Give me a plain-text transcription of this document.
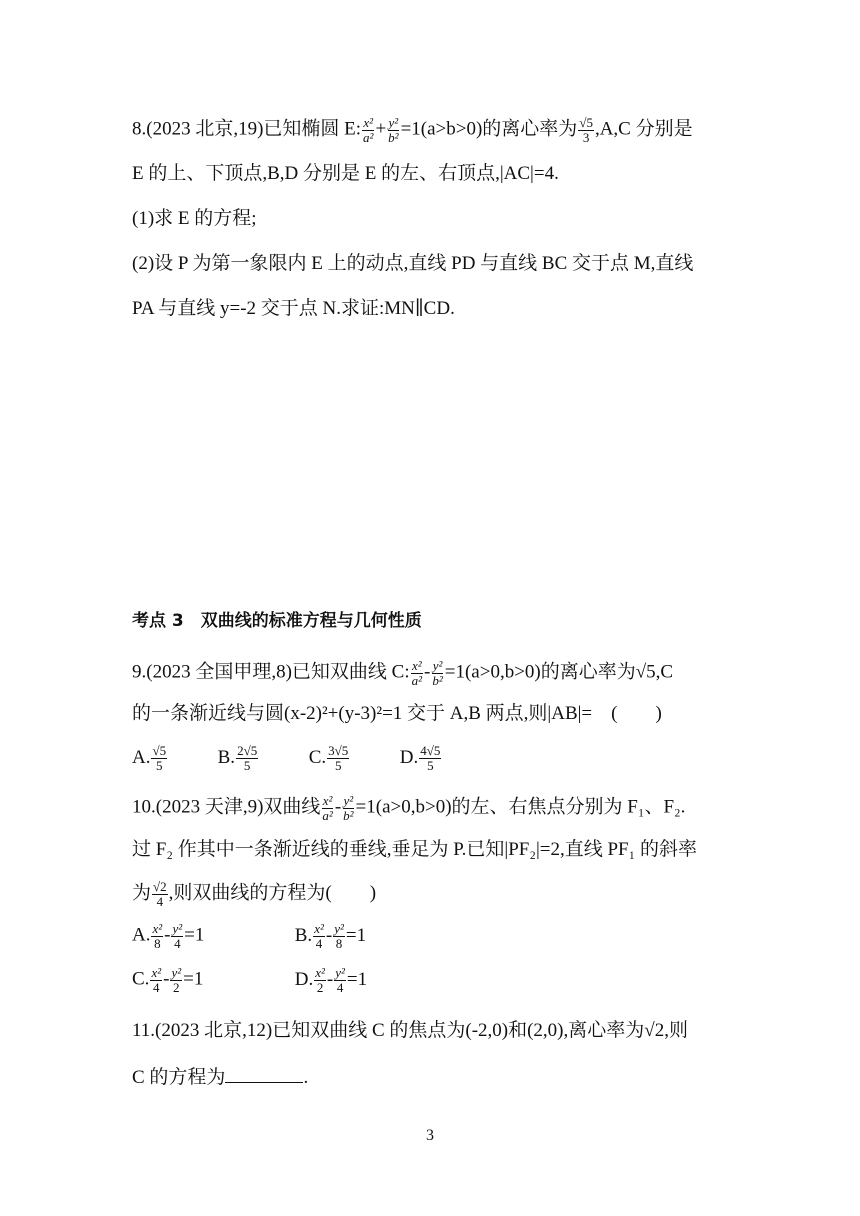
8.(2023 北京,19)已知椭圆 E: $\frac{\text{x²}}{\text{a²}} + \frac{\text{y²}}{\text{b²}} =1(a>b>0)$的离心率为 $\frac{√5}{3} ,A,C$ 分别是
E 的上、下顶点,B,D 分别是 E 的左、右顶点,|AC|=4.
(1)求 E 的方程;
(2)设 P 为第一象限内 E 上的动点,直线 PD 与直线 BC 交于点 M,直线
PA 与直线 y=-2 交于点 N.求证:MN∥CD.
考点 3　双曲线的标准方程与几何性质
9.(2023 全国甲理,8)已知双曲线 C: $\frac{\text{x²}}{\text{a²}} - \frac{\text{y²}}{\text{b²}} =1(a>0,b>0)$的离心率为√5,C
的一条渐近线与圆(x-2)²+(y-3)²=1 交于 A,B 两点,则|AB|=　(　　)
A. $\frac{√5}{5}$	B. $\frac{2√5}{5}$	C. $\frac{3√5}{5}$	D. $\frac{4√5}{5}$
10.(2023 天津,9)双曲线 $\frac{\text{x²}}{\text{a²}} - \frac{\text{y²}}{\text{b²}} =1(a>0,b>0)$的左、右焦点分别为 F₁、F₂.
过 F₂ 作其中一条渐近线的垂线,垂足为 P.已知|PF₂|=2,直线 PF₁ 的斜率
为 $\frac{√2}{4}$ ,则双曲线的方程为(　　)
A. $\frac{\text{x²}}{8} - \frac{\text{y²}}{4} =1$	B. $\frac{\text{x²}}{4} - \frac{\text{y²}}{8} =1$
C. $\frac{\text{x²}}{4} - \frac{\text{y²}}{2} =1$	D. $\frac{\text{x²}}{2} - \frac{\text{y²}}{4} =1$
11.(2023 北京,12)已知双曲线 C 的焦点为(-2,0)和(2,0),离心率为√2,则
C 的方程为	.
3
